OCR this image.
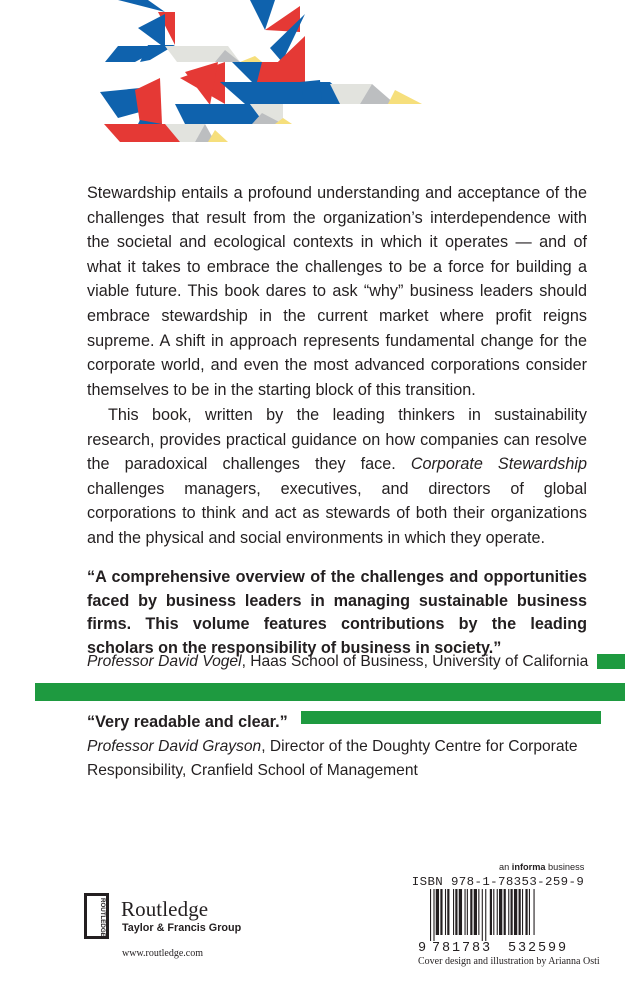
Stewardship entails a profound understanding and acceptance of the challenges that result from the organization’s interdependence with the societal and ecological contexts in which it operates — and of what it takes to embrace the challenges to be a force for building a viable future. This book dares to ask “why” business leaders should embrace stewardship in the current market where profit reigns supreme. A shift in approach represents fundamental change for the corporate world, and even the most advanced corporations consider themselves to be in the starting block of this transition.

This book, written by the leading thinkers in sustainability research, provides practical guidance on how companies can resolve the paradoxical challenges they face. Corporate Stewardship challenges managers, executives, and directors of global corporations to think and act as stewards of both their organizations and the physical and social environments in which they operate.

“A comprehensive overview of the challenges and opportunities faced by business leaders in managing sustainable business firms. This volume features contributions by the leading scholars on the responsibility of business in society.”
Professor David Vogel, Haas School of Business, University of California
“Very readable and clear.”
Professor David Grayson, Director of the Doughty Centre for Corporate Responsibility, Cranfield School of Management
ROUTLEDGE Routledge
Taylor & Francis Group
www.routledge.com
an informa business
ISBN 978-1-78353-259-9
9 781783 532599
Cover design and illustration by Arianna Osti
